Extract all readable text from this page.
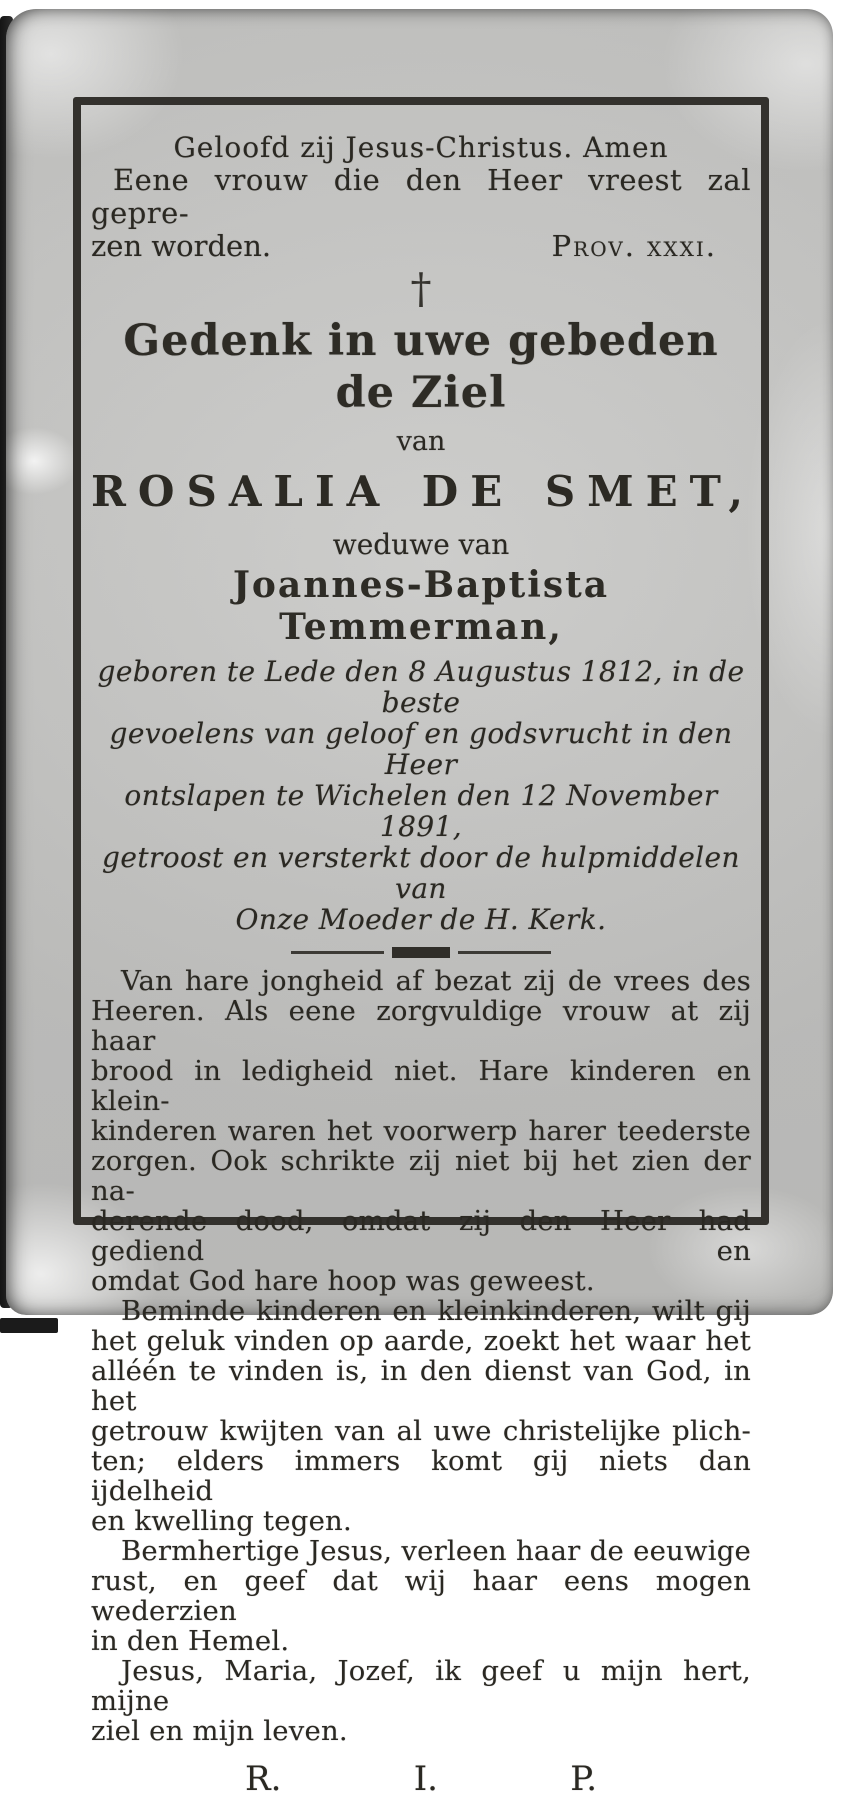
Geloofd zij Jesus-Christus. Amen
Eene vrouw die den Heer vreest zal gepre-
zen worden.	Prov. xxxi.
†
Gedenk in uwe gebeden de Ziel
van
ROSALIA DE SMET,
weduwe van
Joannes-Baptista Temmerman,
geboren te Lede den 8 Augustus 1812, in de beste
gevoelens van geloof en godsvrucht in den Heer
ontslapen te Wichelen den 12 November 1891,
getroost en versterkt door de hulpmiddelen van
Onze Moeder de H. Kerk.
Van hare jongheid af bezat zij de vrees des
Heeren. Als eene zorgvuldige vrouw at zij haar
brood in ledigheid niet. Hare kinderen en klein-
kinderen waren het voorwerp harer teederste
zorgen. Ook schrikte zij niet bij het zien der na-
derende dood, omdat zij den Heer had gediend en
omdat God hare hoop was geweest.
Beminde kinderen en kleinkinderen, wilt gij
het geluk vinden op aarde, zoekt het waar het
alléén te vinden is, in den dienst van God, in het
getrouw kwijten van al uwe christelijke plich-
ten; elders immers komt gij niets dan ijdelheid
en kwelling tegen.
Bermhertige Jesus, verleen haar de eeuwige
rust, en geef dat wij haar eens mogen wederzien
in den Hemel.
Jesus, Maria, Jozef, ik geef u mijn hert, mijne
ziel en mijn leven.
R.	I.	P.
